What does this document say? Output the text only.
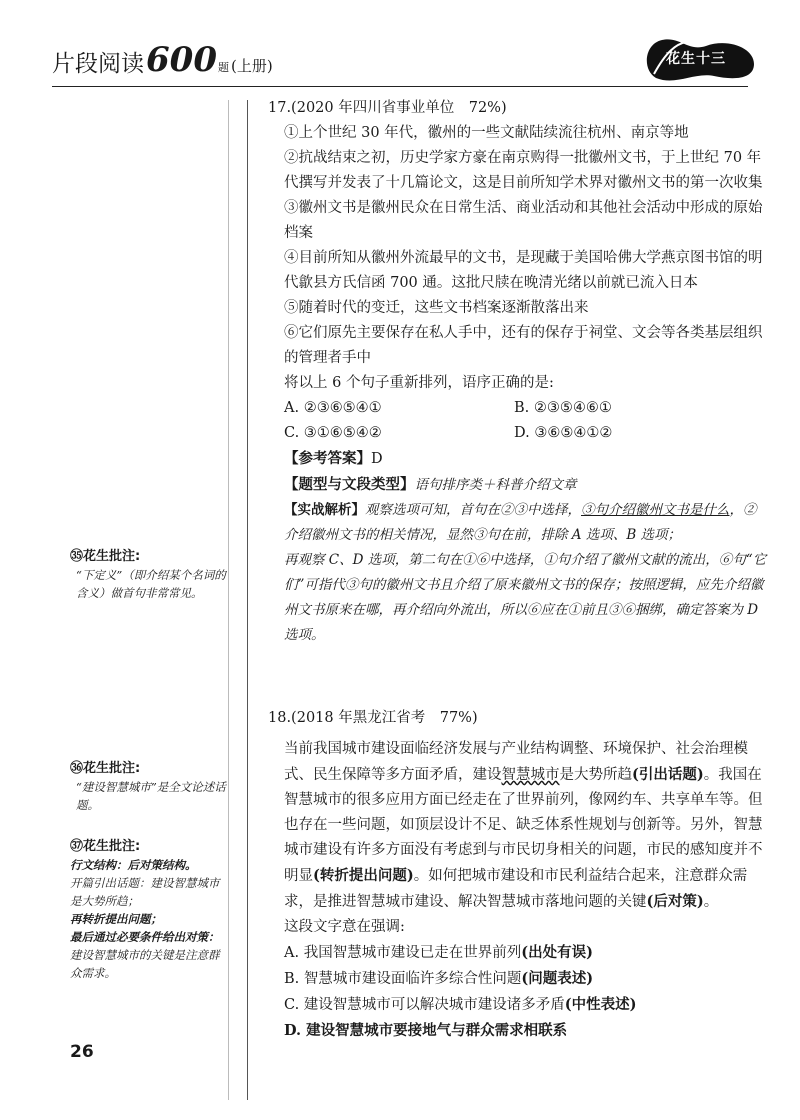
片段阅读 600 题 (上册)	花生十三
17.(2020 年四川省事业单位　72%)
①上个世纪 30 年代，徽州的一些文献陆续流往杭州、南京等地
②抗战结束之初，历史学家方豪在南京购得一批徽州文书，于上世纪 70 年代撰写并发表了十几篇论文，这是目前所知学术界对徽州文书的第一次收集
③徽州文书是徽州民众在日常生活、商业活动和其他社会活动中形成的原始档案
④目前所知从徽州外流最早的文书，是现藏于美国哈佛大学燕京图书馆的明代歙县方氏信函 700 通。这批尺牍在晚清光绪以前就已流入日本
⑤随着时代的变迁，这些文书档案逐渐散落出来
⑥它们原先主要保存在私人手中，还有的保存于祠堂、文会等各类基层组织的管理者手中
将以上 6 个句子重新排列，语序正确的是:
A. ②③⑥⑤④①	B. ②③⑤④⑥①
C. ③①⑥⑤④②	D. ③⑥⑤④①②
【参考答案】D
【题型与文段类型】语句排序类＋科普介绍文章
【实战解析】观察选项可知，首句在②③中选择，③句介绍徽州文书是什么，②介绍徽州文书的相关情况，显然③句在前，排除 A 选项、B 选项；
再观察 C、D 选项，第二句在①⑥中选择，①句介绍了徽州文献的流出，⑥句“它们”可指代③句的徽州文书且介绍了原来徽州文书的保存；按照逻辑，应先介绍徽州文书原来在哪，再介绍向外流出，所以⑥应在①前且③⑥捆绑，确定答案为 D 选项。
18.(2018 年黑龙江省考　77%)
当前我国城市建设面临经济发展与产业结构调整、环境保护、社会治理模式、民生保障等多方面矛盾，建设智慧城市是大势所趋(引出话题)。我国在智慧城市的很多应用方面已经走在了世界前列，像网约车、共享单车等。但也存在一些问题，如顶层设计不足、缺乏体系性规划与创新等。另外，智慧城市建设有许多方面没有考虑到与市民切身相关的问题，市民的感知度并不明显(转折提出问题)。如何把城市建设和市民利益结合起来，注意群众需求，是推进智慧城市建设、解决智慧城市落地问题的关键(后对策)。
这段文字意在强调:
A. 我国智慧城市建设已走在世界前列(出处有误)
B. 智慧城市建设面临许多综合性问题(问题表述)
C. 建设智慧城市可以解决城市建设诸多矛盾(中性表述)
D. 建设智慧城市要接地气与群众需求相联系
㉟花生批注:
“下定义”（即介绍某个名词的含义）做首句非常常见。
㊱花生批注:
“建设智慧城市”是全文论述话题。
㊲花生批注:
行文结构：后对策结构。
开篇引出话题：建设智慧城市是大势所趋；
再转折提出问题；
最后通过必要条件给出对策：
建设智慧城市的关键是注意群众需求。
26
